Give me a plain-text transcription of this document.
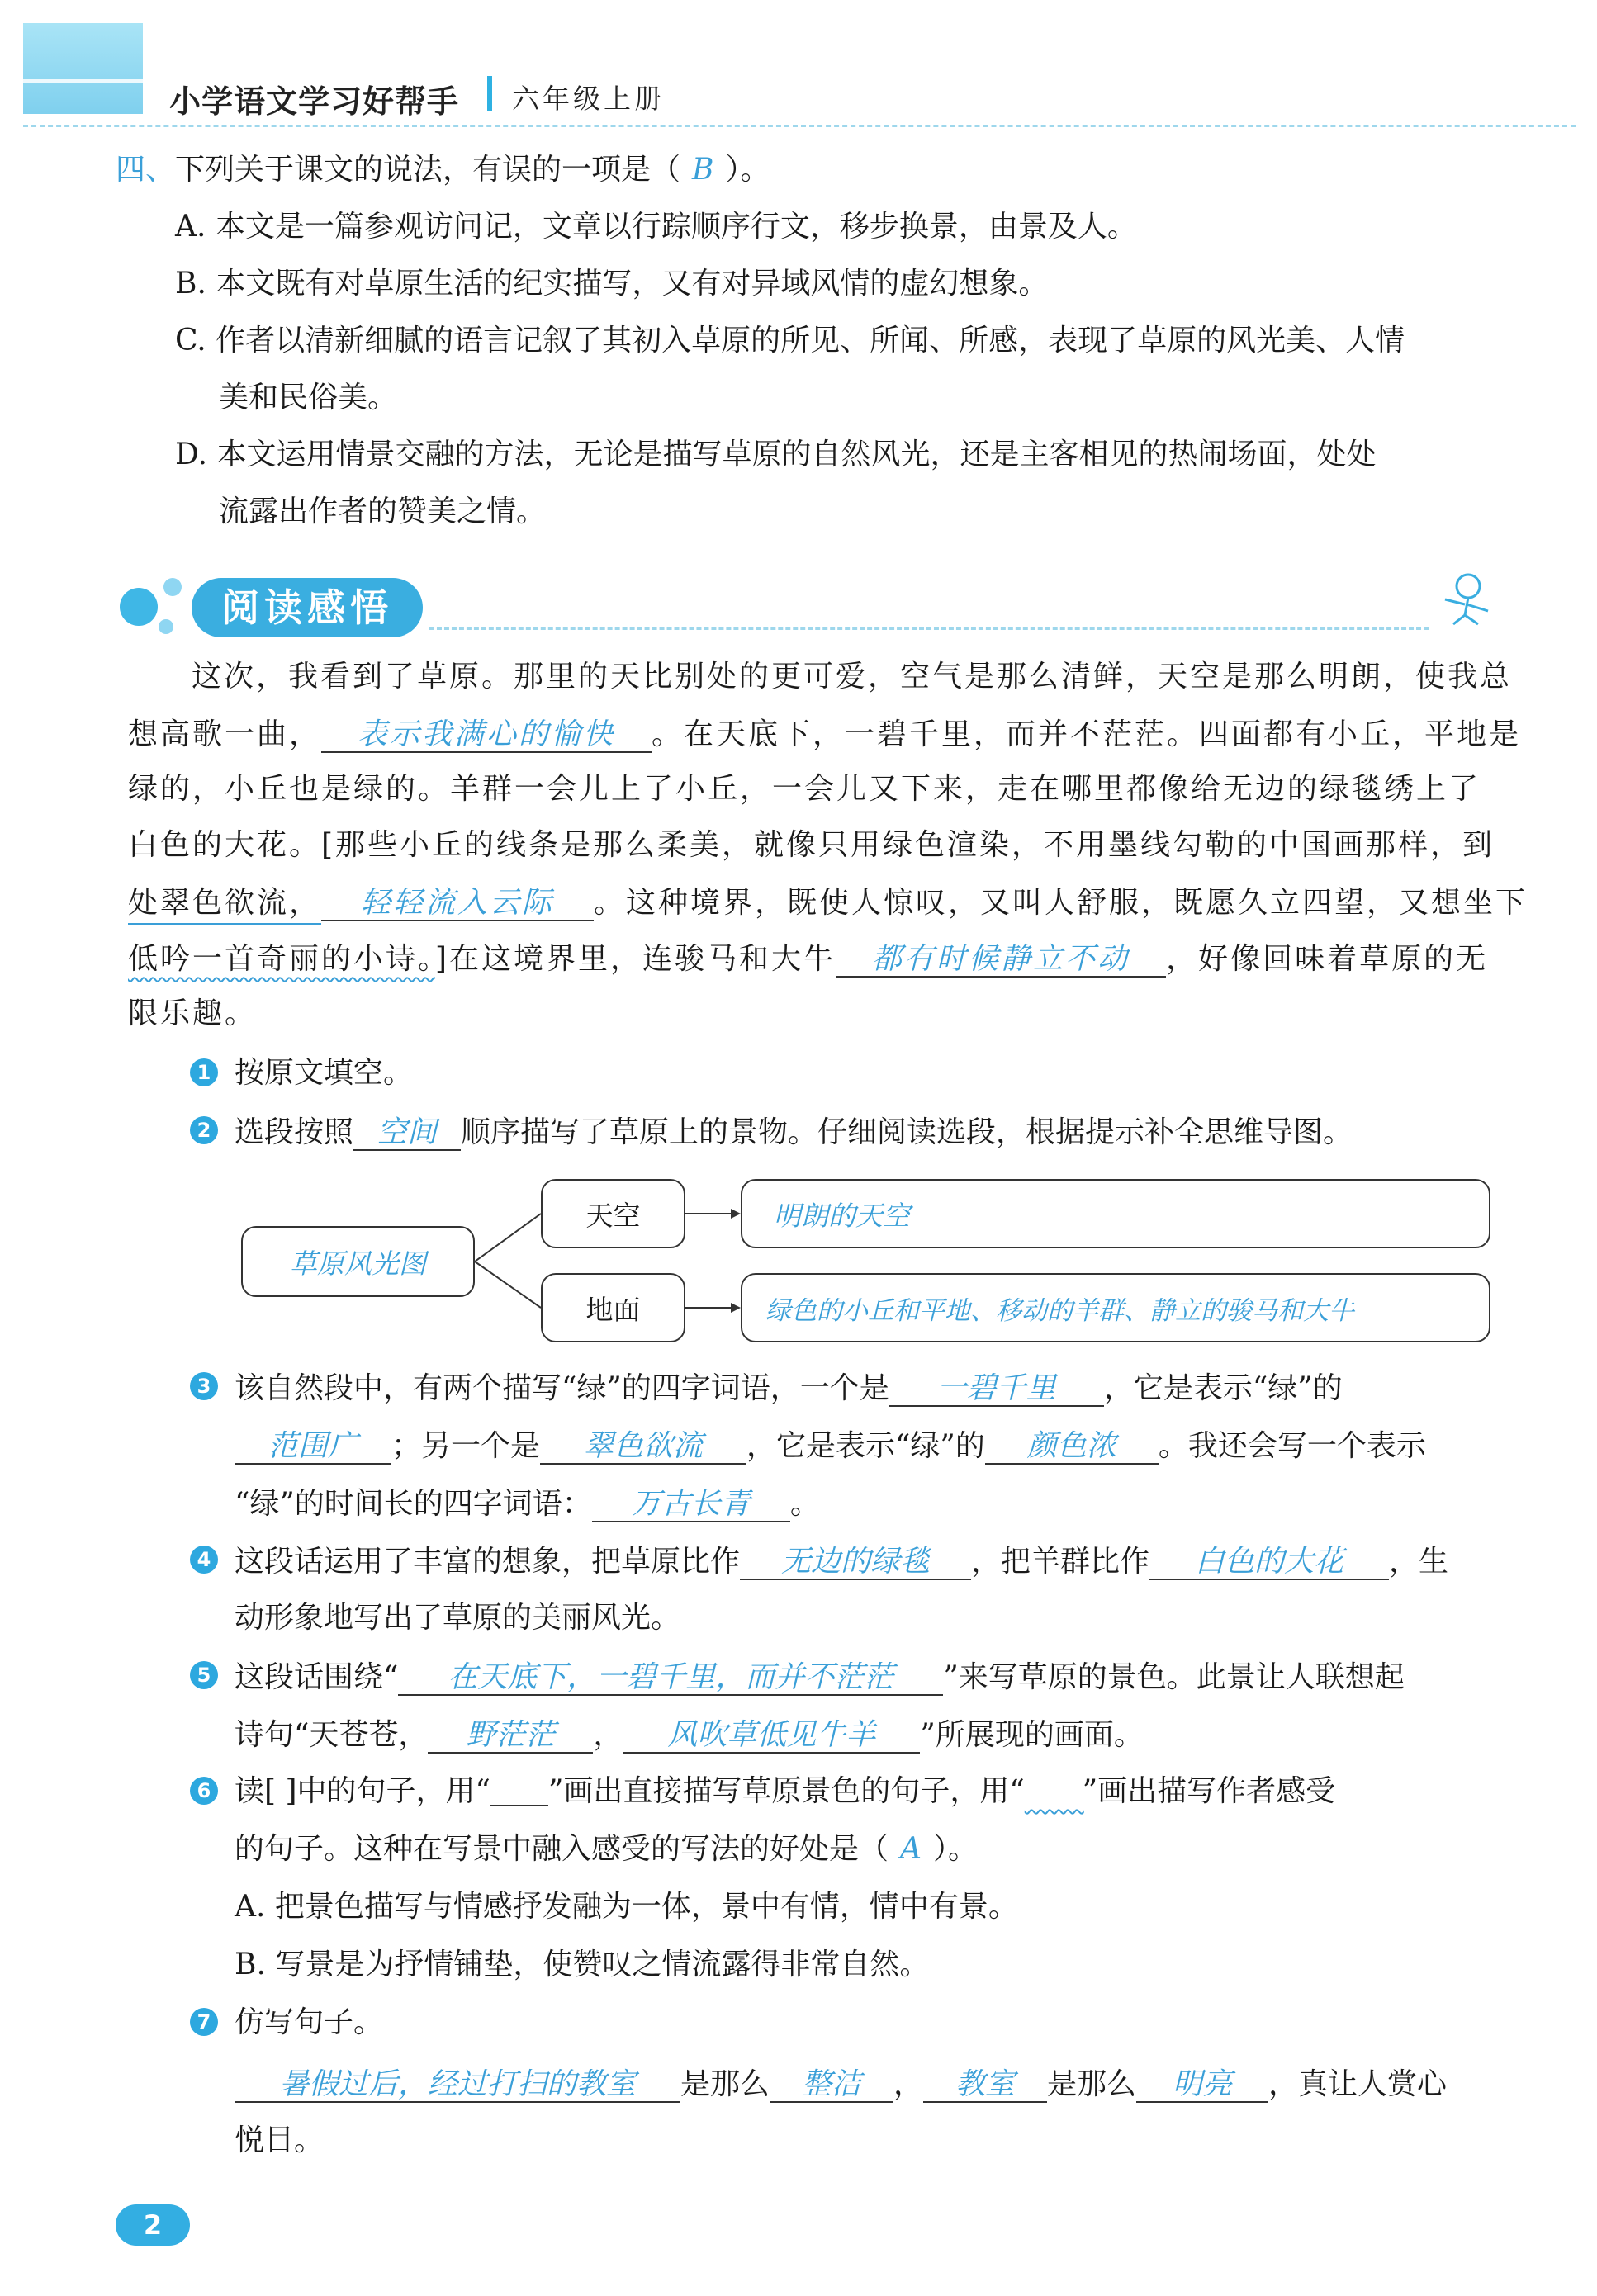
小学语文学习好帮手 六年级上册
四、下列关于课文的说法，有误的一项是（ B ）。
A. 本文是一篇参观访问记，文章以行踪顺序行文，移步换景，由景及人。
B. 本文既有对草原生活的纪实描写，又有对异域风情的虚幻想象。
C. 作者以清新细腻的语言记叙了其初入草原的所见、所闻、所感，表现了草原的风光美、人情
美和民俗美。
D. 本文运用情景交融的方法，无论是描写草原的自然风光，还是主客相见的热闹场面，处处
流露出作者的赞美之情。
阅读感悟
这次，我看到了草原。那里的天比别处的更可爱，空气是那么清鲜，天空是那么明朗，使我总
想高歌一曲， 表示我满心的愉快 。在天底下，一碧千里，而并不茫茫。四面都有小丘，平地是
绿的，小丘也是绿的。羊群一会儿上了小丘，一会儿又下来，走在哪里都像给无边的绿毯绣上了
白色的大花。[那些小丘的线条是那么柔美，就像只用绿色渲染，不用墨线勾勒的中国画那样，到
处翠色欲流， 轻轻流入云际 。这种境界，既使人惊叹，又叫人舒服，既愿久立四望，又想坐下
低吟一首奇丽的小诗。]在这境界里，连骏马和大牛 都有时候静立不动 ，好像回味着草原的无
限乐趣。
1 按原文填空。
2 选段按照 空间 顺序描写了草原上的景物。仔细阅读选段，根据提示补全思维导图。
草原风光图
天空
地面
明朗的天空
绿色的小丘和平地、移动的羊群、静立的骏马和大牛
3 该自然段中，有两个描写“绿”的四字词语，一个是 一碧千里 ，它是表示“绿”的
范围广 ；另一个是 翠色欲流 ，它是表示“绿”的 颜色浓 。我还会写一个表示
“绿”的时间长的四字词语： 万古长青 。
4 这段话运用了丰富的想象，把草原比作 无边的绿毯 ，把羊群比作 白色的大花 ，生
动形象地写出了草原的美丽风光。
5 这段话围绕“ 在天底下，一碧千里，而并不茫茫 ”来写草原的景色。此景让人联想起
诗句“天苍苍， 野茫茫 ， 风吹草低见牛羊 ”所展现的画面。
6 读[ ]中的句子，用“ ”画出直接描写草原景色的句子，用“   ”画出描写作者感受
的句子。这种在写景中融入感受的写法的好处是（ A ）。
A. 把景色描写与情感抒发融为一体，景中有情，情中有景。
B. 写景是为抒情铺垫，使赞叹之情流露得非常自然。
7 仿写句子。
暑假过后，经过打扫的教室 是那么 整洁 ， 教室 是那么 明亮 ，真让人赏心
悦目。
2
